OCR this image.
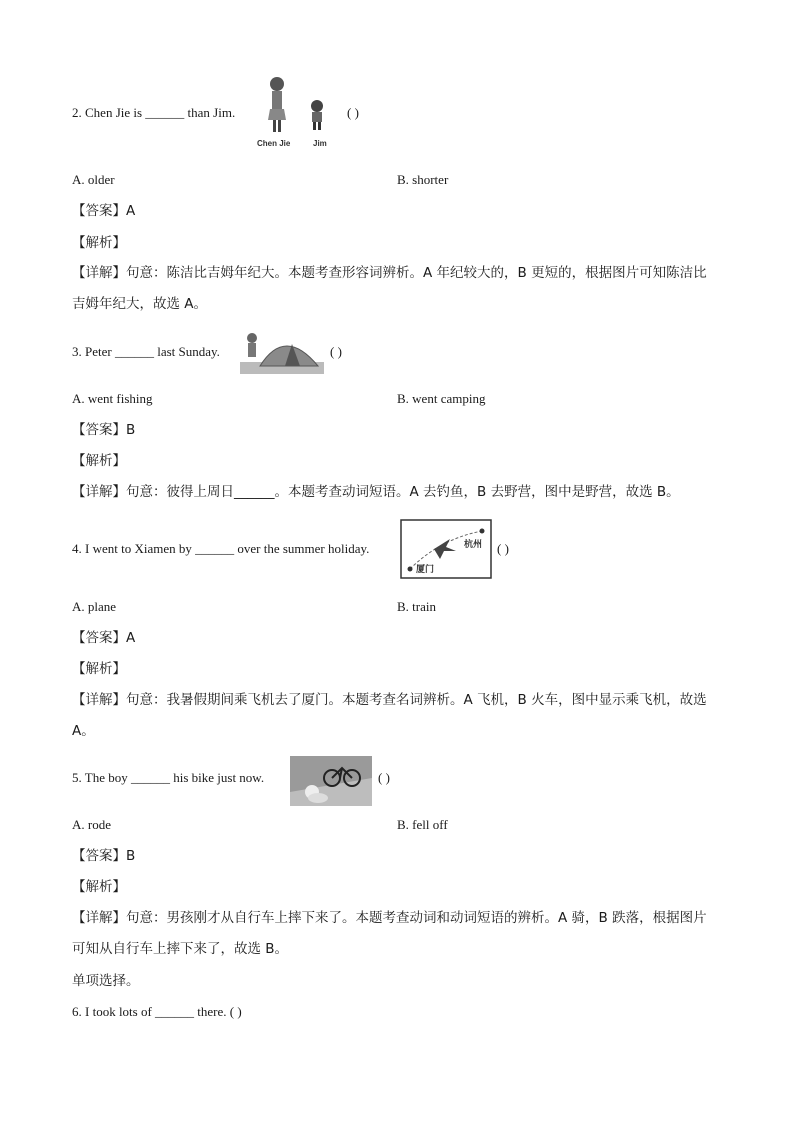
2. Chen Jie is ______ than Jim.
Chen Jie	Jim
( )
A. older	B. shorter
【答案】A
【解析】
【详解】句意：陈洁比吉姆年纪大。本题考查形容词辨析。A 年纪较大的，B 更短的，根据图片可知陈洁比吉姆年纪大，故选 A。
3. Peter ______ last Sunday.	( )
A. went fishing	B. went camping
【答案】B
【解析】
【详解】句意：彼得上周日______。本题考查动词短语。A 去钓鱼，B 去野营，图中是野营，故选 B。
4. I went to Xiamen by ______ over the summer holiday.	杭州
厦门
( )
A. plane	B. train
【答案】A
【解析】
【详解】句意：我暑假期间乘飞机去了厦门。本题考查名词辨析。A 飞机，B 火车，图中显示乘飞机，故选 A。
5. The boy ______ his bike just now.	( )
A. rode	B. fell off
【答案】B
【解析】
【详解】句意：男孩刚才从自行车上摔下来了。本题考查动词和动词短语的辨析。A 骑，B 跌落，根据图片可知从自行车上摔下来了，故选 B。
单项选择。
6. I took lots of ______ there. ( )
